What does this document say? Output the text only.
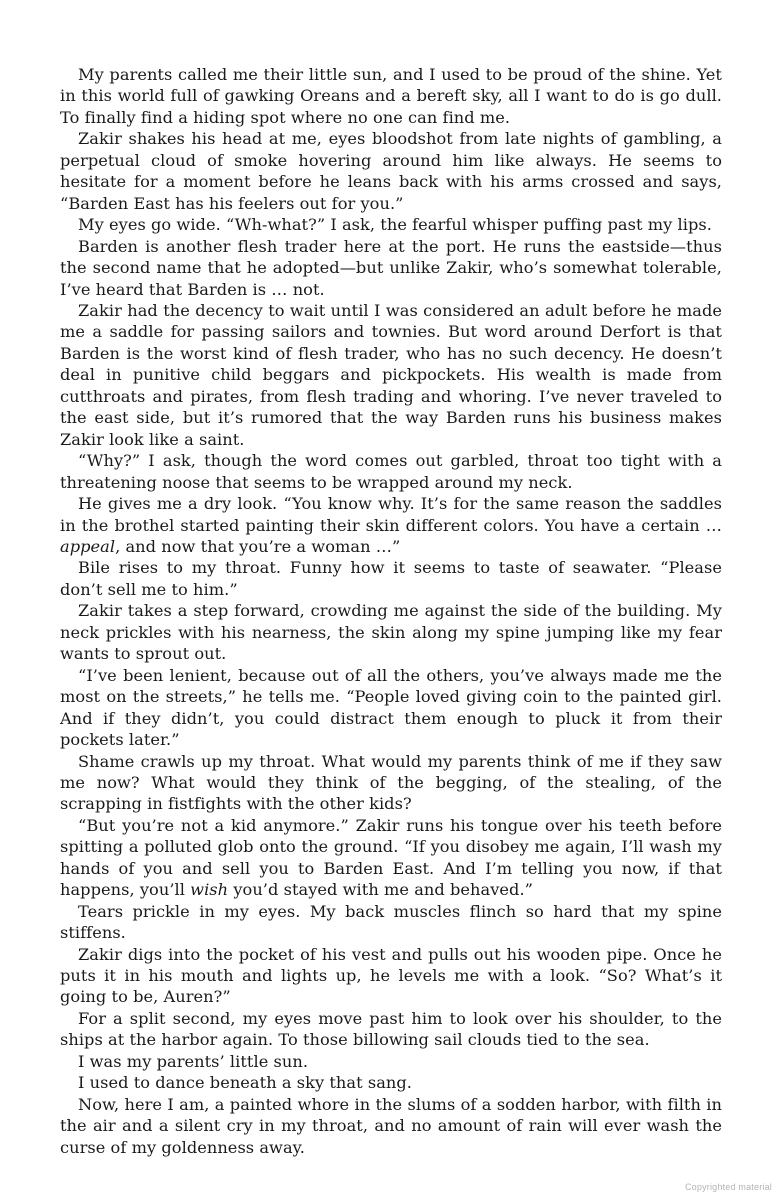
My parents called me their little sun, and I used to be proud of the shine. Yet in this world full of gawking Oreans and a bereft sky, all I want to do is go dull. To finally find a hiding spot where no one can find me.

Zakir shakes his head at me, eyes bloodshot from late nights of gambling, a perpetual cloud of smoke hovering around him like always. He seems to hesitate for a moment before he leans back with his arms crossed and says, “Barden East has his feelers out for you.”

My eyes go wide. “Wh-what?” I ask, the fearful whisper puffing past my lips.

Barden is another flesh trader here at the port. He runs the eastside—thus the second name that he adopted—but unlike Zakir, who’s somewhat tolerable, I’ve heard that Barden is … not.

Zakir had the decency to wait until I was considered an adult before he made me a saddle for passing sailors and townies. But word around Derfort is that Barden is the worst kind of flesh trader, who has no such decency. He doesn’t deal in punitive child beggars and pickpockets. His wealth is made from cutthroats and pirates, from flesh trading and whoring. I’ve never traveled to the east side, but it’s rumored that the way Barden runs his business makes Zakir look like a saint.

“Why?” I ask, though the word comes out garbled, throat too tight with a threatening noose that seems to be wrapped around my neck.

He gives me a dry look. “You know why. It’s for the same reason the saddles in the brothel started painting their skin different colors. You have a certain … appeal, and now that you’re a woman …”

Bile rises to my throat. Funny how it seems to taste of seawater. “Please don’t sell me to him.”

Zakir takes a step forward, crowding me against the side of the building. My neck prickles with his nearness, the skin along my spine jumping like my fear wants to sprout out.

“I’ve been lenient, because out of all the others, you’ve always made me the most on the streets,” he tells me. “People loved giving coin to the painted girl. And if they didn’t, you could distract them enough to pluck it from their pockets later.”

Shame crawls up my throat. What would my parents think of me if they saw me now? What would they think of the begging, of the stealing, of the scrapping in fistfights with the other kids?

“But you’re not a kid anymore.” Zakir runs his tongue over his teeth before spitting a polluted glob onto the ground. “If you disobey me again, I’ll wash my hands of you and sell you to Barden East. And I’m telling you now, if that happens, you’ll wish you’d stayed with me and behaved.”

Tears prickle in my eyes. My back muscles flinch so hard that my spine stiffens.

Zakir digs into the pocket of his vest and pulls out his wooden pipe. Once he puts it in his mouth and lights up, he levels me with a look. “So? What’s it going to be, Auren?”

For a split second, my eyes move past him to look over his shoulder, to the ships at the harbor again. To those billowing sail clouds tied to the sea.

I was my parents’ little sun.

I used to dance beneath a sky that sang.

Now, here I am, a painted whore in the slums of a sodden harbor, with filth in the air and a silent cry in my throat, and no amount of rain will ever wash the curse of my goldenness away.

Copyrighted material
